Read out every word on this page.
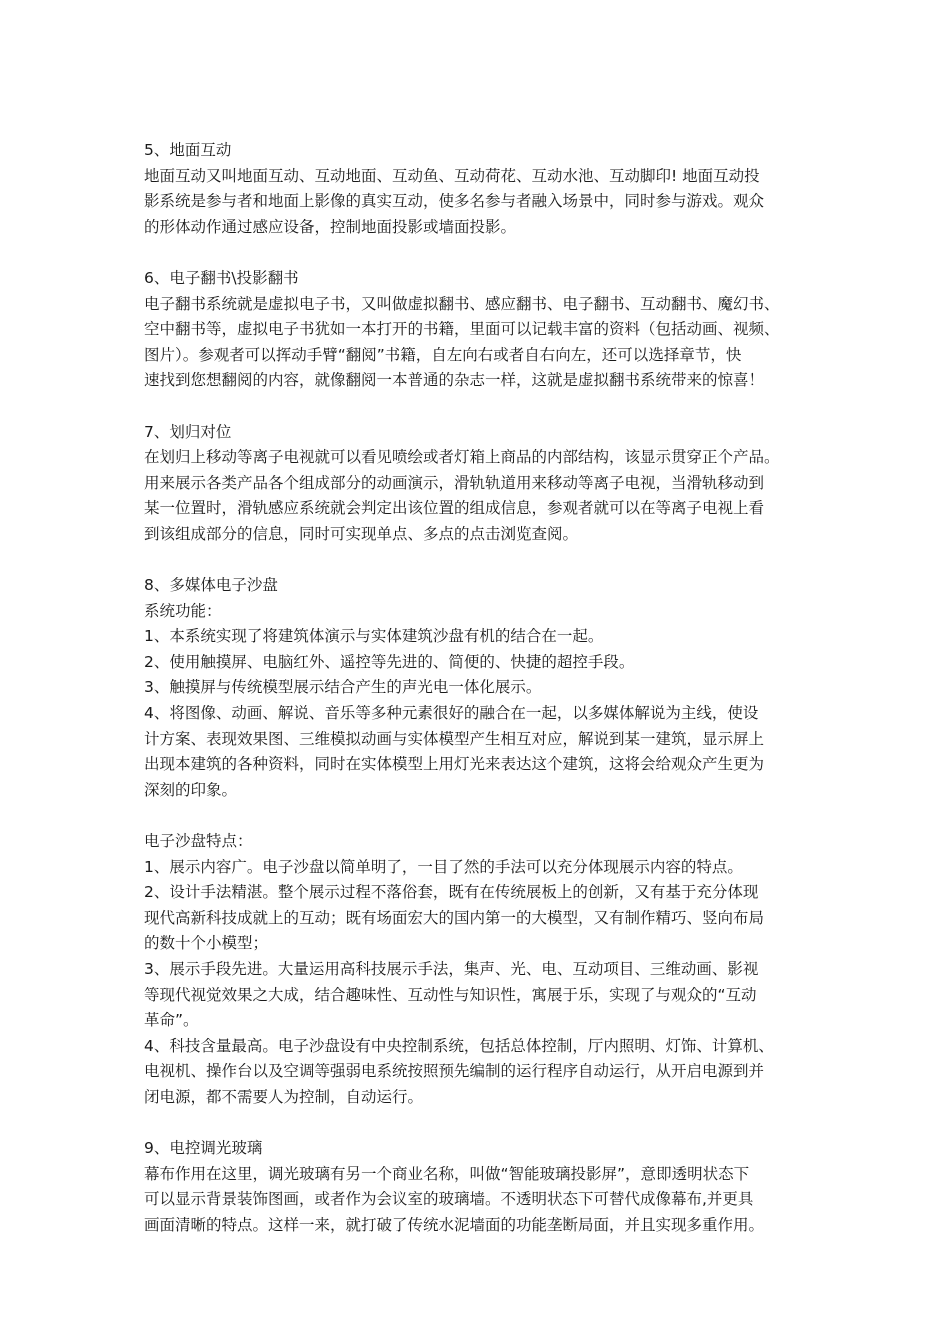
5、地面互动
地面互动又叫地面互动、互动地面、互动鱼、互动荷花、互动水池、互动脚印! 地面互动投
影系统是参与者和地面上影像的真实互动，使多名参与者融入场景中，同时参与游戏。观众
的形体动作通过感应设备，控制地面投影或墙面投影。
6、电子翻书\投影翻书
电子翻书系统就是虚拟电子书，又叫做虚拟翻书、感应翻书、电子翻书、互动翻书、魔幻书、
空中翻书等，虚拟电子书犹如一本打开的书籍，里面可以记载丰富的资料（包括动画、视频、
图片）。参观者可以挥动手臂“翻阅”书籍，自左向右或者自右向左，还可以选择章节，快
速找到您想翻阅的内容，就像翻阅一本普通的杂志一样，这就是虚拟翻书系统带来的惊喜！
7、划归对位
在划归上移动等离子电视就可以看见喷绘或者灯箱上商品的内部结构，该显示贯穿正个产品。
用来展示各类产品各个组成部分的动画演示，滑轨轨道用来移动等离子电视，当滑轨移动到
某一位置时，滑轨感应系统就会判定出该位置的组成信息，参观者就可以在等离子电视上看
到该组成部分的信息，同时可实现单点、多点的点击浏览查阅。
8、多媒体电子沙盘
系统功能：
1、本系统实现了将建筑体演示与实体建筑沙盘有机的结合在一起。
2、使用触摸屏、电脑红外、遥控等先进的、简便的、快捷的超控手段。
3、触摸屏与传统模型展示结合产生的声光电一体化展示。
4、将图像、动画、解说、音乐等多种元素很好的融合在一起，以多媒体解说为主线，使设
计方案、表现效果图、三维模拟动画与实体模型产生相互对应，解说到某一建筑，显示屏上
出现本建筑的各种资料，同时在实体模型上用灯光来表达这个建筑，这将会给观众产生更为
深刻的印象。
电子沙盘特点：
1、展示内容广。电子沙盘以简单明了，一目了然的手法可以充分体现展示内容的特点。
2、设计手法精湛。整个展示过程不落俗套，既有在传统展板上的创新，又有基于充分体现
现代高新科技成就上的互动；既有场面宏大的国内第一的大模型，又有制作精巧、竖向布局
的数十个小模型；
3、展示手段先进。大量运用高科技展示手法，集声、光、电、互动项目、三维动画、影视
等现代视觉效果之大成，结合趣味性、互动性与知识性，寓展于乐，实现了与观众的“互动
革命”。
4、科技含量最高。电子沙盘设有中央控制系统，包括总体控制，厅内照明、灯饰、计算机、
电视机、操作台以及空调等强弱电系统按照预先编制的运行程序自动运行，从开启电源到并
闭电源，都不需要人为控制，自动运行。
9、电控调光玻璃
幕布作用在这里，调光玻璃有另一个商业名称，叫做“智能玻璃投影屏”，意即透明状态下
可以显示背景装饰图画，或者作为会议室的玻璃墙。不透明状态下可替代成像幕布,并更具
画面清晰的特点。这样一来，就打破了传统水泥墙面的功能垄断局面，并且实现多重作用。
